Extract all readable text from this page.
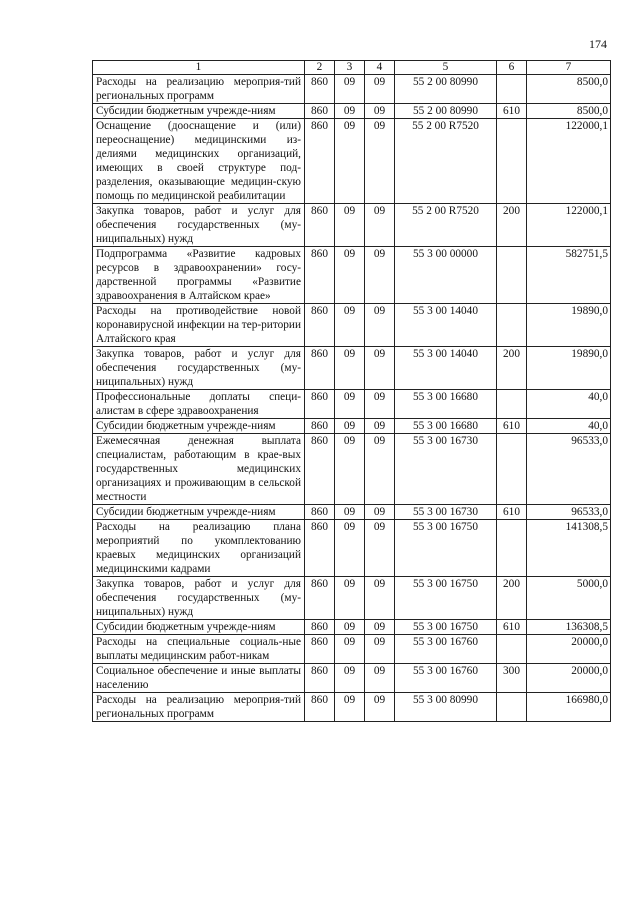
174
1	2	3	4	5	6	7
Расходы на реализацию мероприя-тий региональных программ	860	09	09	55 2 00 80990		8500,0
Субсидии бюджетным учрежде-ниям	860	09	09	55 2 00 80990	610	8500,0
Оснащение (дооснащение и (или) переоснащение) медицинскими из-делиями медицинских организаций, имеющих в своей структуре под-разделения, оказывающие медицин-скую помощь по медицинской реабилитации	860	09	09	55 2 00 R7520		122000,1
Закупка товаров, работ и услуг для обеспечения государственных (му-ниципальных) нужд	860	09	09	55 2 00 R7520	200	122000,1
Подпрограмма «Развитие кадровых ресурсов в здравоохранении» госу-дарственной программы «Развитие здравоохранения в Алтайском крае»	860	09	09	55 3 00 00000		582751,5
Расходы на противодействие новой коронавирусной инфекции на тер-ритории Алтайского края	860	09	09	55 3 00 14040		19890,0
Закупка товаров, работ и услуг для обеспечения государственных (му-ниципальных) нужд	860	09	09	55 3 00 14040	200	19890,0
Профессиональные доплаты специ-алистам в сфере здравоохранения	860	09	09	55 3 00 16680		40,0
Субсидии бюджетным учрежде-ниям	860	09	09	55 3 00 16680	610	40,0
Ежемесячная денежная выплата специалистам, работающим в крае-вых государственных медицинских организациях и проживающим в сельской местности	860	09	09	55 3 00 16730		96533,0
Субсидии бюджетным учрежде-ниям	860	09	09	55 3 00 16730	610	96533,0
Расходы на реализацию плана мероприятий по укомплектованию краевых медицинских организаций медицинскими кадрами	860	09	09	55 3 00 16750		141308,5
Закупка товаров, работ и услуг для обеспечения государственных (му-ниципальных) нужд	860	09	09	55 3 00 16750	200	5000,0
Субсидии бюджетным учрежде-ниям	860	09	09	55 3 00 16750	610	136308,5
Расходы на специальные социаль-ные выплаты медицинским работ-никам	860	09	09	55 3 00 16760		20000,0
Социальное обеспечение и иные выплаты населению	860	09	09	55 3 00 16760	300	20000,0
Расходы на реализацию мероприя-тий региональных программ	860	09	09	55 3 00 80990		166980,0
